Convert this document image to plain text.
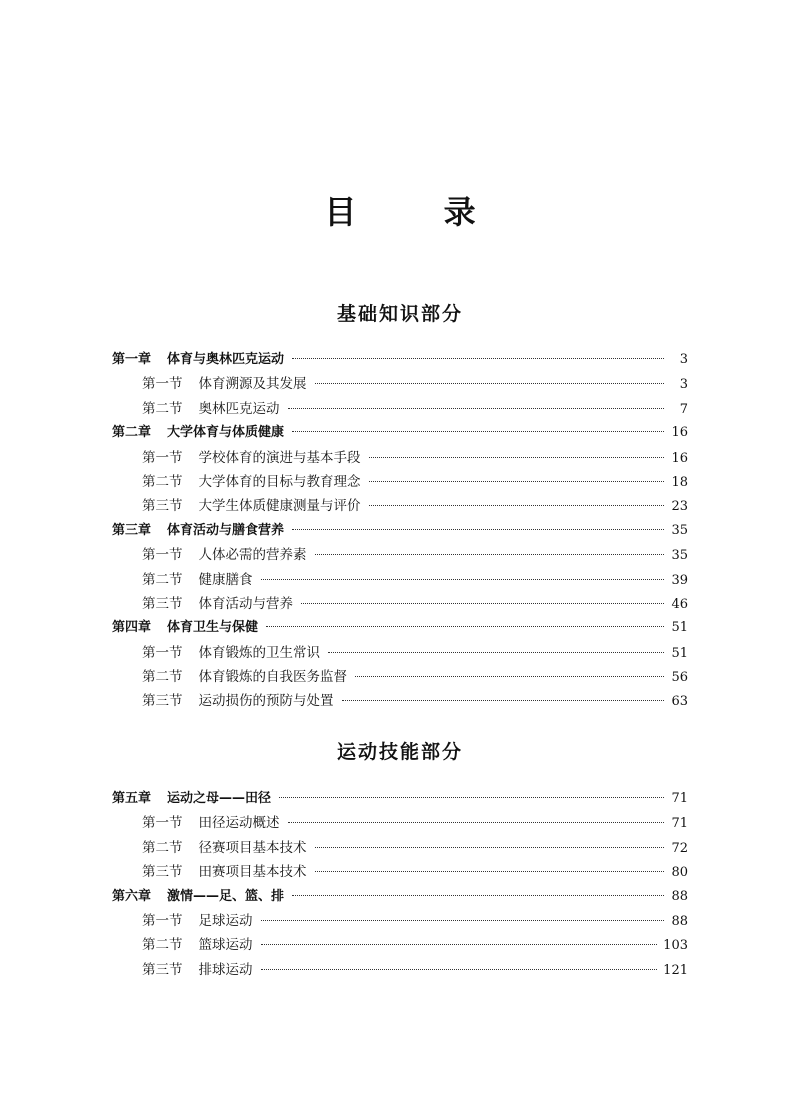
目 录
基础知识部分
第一章 体育与奥林匹克运动	3
第一节 体育溯源及其发展	3
第二节 奥林匹克运动	7
第二章 大学体育与体质健康	16
第一节 学校体育的演进与基本手段	16
第二节 大学体育的目标与教育理念	18
第三节 大学生体质健康测量与评价	23
第三章 体育活动与膳食营养	35
第一节 人体必需的营养素	35
第二节 健康膳食	39
第三节 体育活动与营养	46
第四章 体育卫生与保健	51
第一节 体育锻炼的卫生常识	51
第二节 体育锻炼的自我医务监督	56
第三节 运动损伤的预防与处置	63
运动技能部分
第五章 运动之母——田径	71
第一节 田径运动概述	71
第二节 径赛项目基本技术	72
第三节 田赛项目基本技术	80
第六章 激情——足、篮、排	88
第一节 足球运动	88
第二节 篮球运动	103
第三节 排球运动	121
